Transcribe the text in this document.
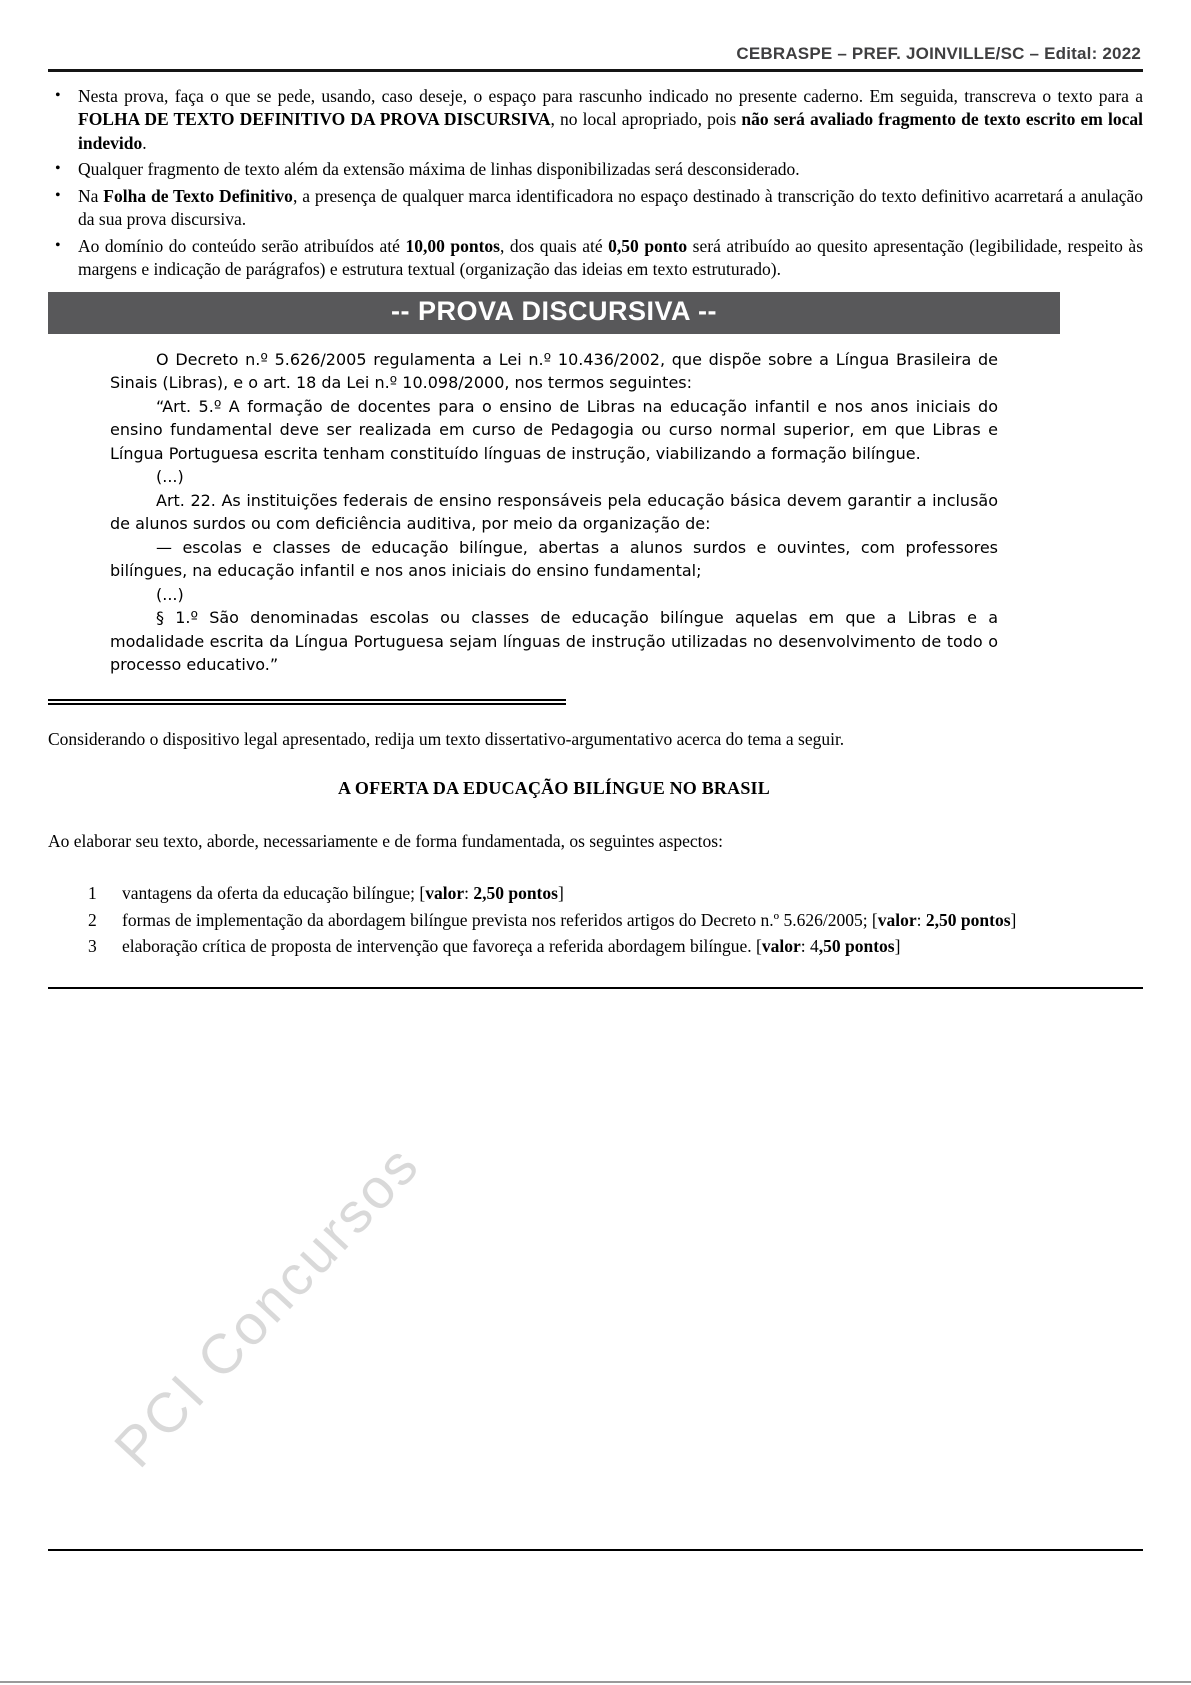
CEBRASPE – PREF. JOINVILLE/SC – Edital: 2022
• Nesta prova, faça o que se pede, usando, caso deseje, o espaço para rascunho indicado no presente caderno. Em seguida, transcreva o texto para a FOLHA DE TEXTO DEFINITIVO DA PROVA DISCURSIVA, no local apropriado, pois não será avaliado fragmento de texto escrito em local indevido.
• Qualquer fragmento de texto além da extensão máxima de linhas disponibilizadas será desconsiderado.
• Na Folha de Texto Definitivo, a presença de qualquer marca identificadora no espaço destinado à transcrição do texto definitivo acarretará a anulação da sua prova discursiva.
• Ao domínio do conteúdo serão atribuídos até 10,00 pontos, dos quais até 0,50 ponto será atribuído ao quesito apresentação (legibilidade, respeito às margens e indicação de parágrafos) e estrutura textual (organização das ideias em texto estruturado).
-- PROVA DISCURSIVA --

O Decreto n.º 5.626/2005 regulamenta a Lei n.º 10.436/2002, que dispõe sobre a Língua Brasileira de Sinais (Libras), e o art. 18 da Lei n.º 10.098/2000, nos termos seguintes:

“Art. 5.º A formação de docentes para o ensino de Libras na educação infantil e nos anos iniciais do ensino fundamental deve ser realizada em curso de Pedagogia ou curso normal superior, em que Libras e Língua Portuguesa escrita tenham constituído línguas de instrução, viabilizando a formação bilíngue.

(...)

Art. 22. As instituições federais de ensino responsáveis pela educação básica devem garantir a inclusão de alunos surdos ou com deficiência auditiva, por meio da organização de:

— escolas e classes de educação bilíngue, abertas a alunos surdos e ouvintes, com professores bilíngues, na educação infantil e nos anos iniciais do ensino fundamental;

(...)

§ 1.º São denominadas escolas ou classes de educação bilíngue aquelas em que a Libras e a modalidade escrita da Língua Portuguesa sejam línguas de instrução utilizadas no desenvolvimento de todo o processo educativo.”

Considerando o dispositivo legal apresentado, redija um texto dissertativo-argumentativo acerca do tema a seguir.
A OFERTA DA EDUCAÇÃO BILÍNGUE NO BRASIL
Ao elaborar seu texto, aborde, necessariamente e de forma fundamentada, os seguintes aspectos:
1	vantagens da oferta da educação bilíngue; [valor: 2,50 pontos]
2	formas de implementação da abordagem bilíngue prevista nos referidos artigos do Decreto n.º 5.626/2005; [valor: 2,50 pontos]
3	elaboração crítica de proposta de intervenção que favoreça a referida abordagem bilíngue. [valor: 4,50 pontos]
PCI Concursos
